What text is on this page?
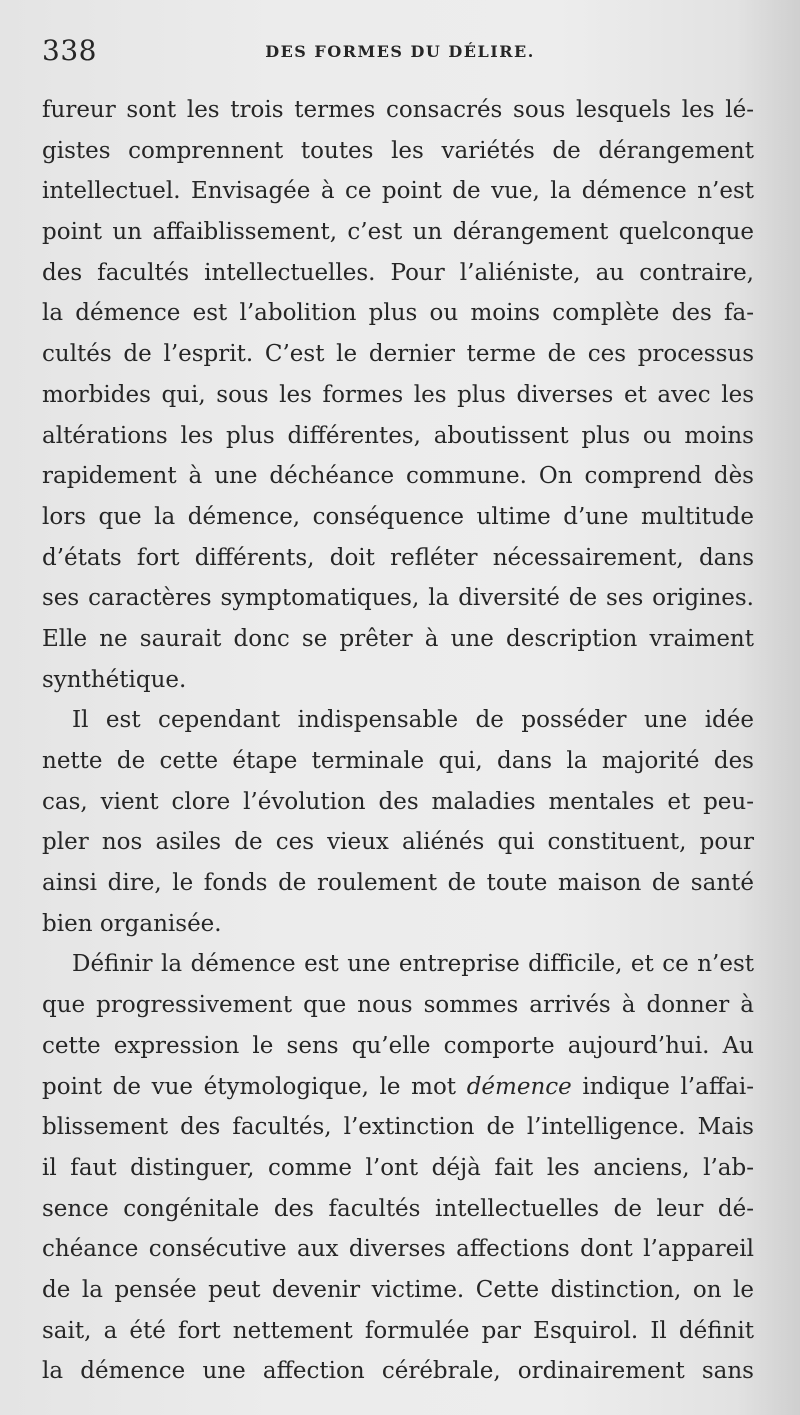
338	DES FORMES DU DÉLIRE.
fureur sont les trois termes consacrés sous lesquels les lé-
gistes comprennent toutes les variétés de dérangement
intellectuel. Envisagée à ce point de vue, la démence n’est
point un affaiblissement, c’est un dérangement quelconque
des facultés intellectuelles. Pour l’aliéniste, au contraire,
la démence est l’abolition plus ou moins complète des fa-
cultés de l’esprit. C’est le dernier terme de ces processus
morbides qui, sous les formes les plus diverses et avec les
altérations les plus différentes, aboutissent plus ou moins
rapidement à une déchéance commune. On comprend dès
lors que la démence, conséquence ultime d’une multitude
d’états fort différents, doit refléter nécessairement, dans
ses caractères symptomatiques, la diversité de ses origines.
Elle ne saurait donc se prêter à une description vraiment
synthétique.
Il est cependant indispensable de posséder une idée
nette de cette étape terminale qui, dans la majorité des
cas, vient clore l’évolution des maladies mentales et peu-
pler nos asiles de ces vieux aliénés qui constituent, pour
ainsi dire, le fonds de roulement de toute maison de santé
bien organisée.
Définir la démence est une entreprise difficile, et ce n’est
que progressivement que nous sommes arrivés à donner à
cette expression le sens qu’elle comporte aujourd’hui. Au
point de vue étymologique, le mot démence indique l’affai-
blissement des facultés, l’extinction de l’intelligence. Mais
il faut distinguer, comme l’ont déjà fait les anciens, l’ab-
sence congénitale des facultés intellectuelles de leur dé-
chéance consécutive aux diverses affections dont l’appareil
de la pensée peut devenir victime. Cette distinction, on le
sait, a été fort nettement formulée par Esquirol. Il définit
la démence une affection cérébrale, ordinairement sans
